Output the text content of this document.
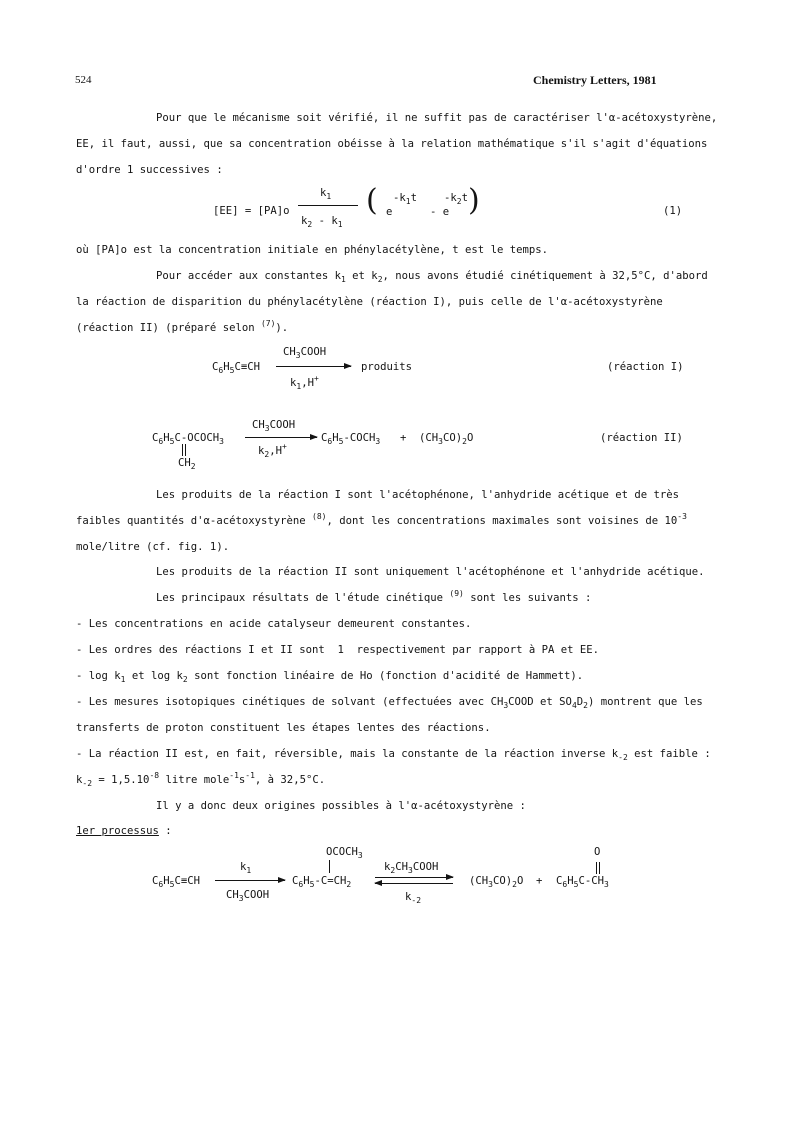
524	Chemistry Letters, 1981
Pour que le mécanisme soit vérifié, il ne suffit pas de caractériser l'α-acétoxystyrène,
EE, il faut, aussi, que sa concentration obéisse à la relation mathématique s'il s'agit d'équations
d'ordre 1 successives :
[EE] = [PA]o
$k_1$
$k_2 - k_1$
( e
$-k_1t$
- e
$-k_2t$ )	(1)
où [PA]o est la concentration initiale en phénylacétylène, t est le temps.
Pour accéder aux constantes $k_1$ et $k_2$, nous avons étudié cinétiquement à 32,5°C, d'abord
la réaction de disparition du phénylacétylène (réaction I), puis celle de l'α-acétoxystyrène
(réaction II) (préparé selon $^{(7)}$).
$C_6H_5C\equiv CH$
$CH_3COOH$
$k_1,H^+$
produits	(réaction I)
$C_6H_5C-OCOCH_3$
$CH_2$
$CH_3COOH$
$k_2,H^+$
$C_6H_5-COCH_3 + (CH_3CO)_2O$	(réaction II)
Les produits de la réaction I sont l'acétophénone, l'anhydride acétique et de très
faibles quantités d'α-acétoxystyrène $^{(8)}$, dont les concentrations maximales sont voisines de $10^{-3}$
mole/litre (cf. fig. 1).
Les produits de la réaction II sont uniquement l'acétophénone et l'anhydride acétique.
Les principaux résultats de l'étude cinétique $^{(9)}$ sont les suivants :
- Les concentrations en acide catalyseur demeurent constantes.
- Les ordres des réactions I et II sont  1  respectivement par rapport à PA et EE.
- $\log k_1$ et $\log k_2$ sont fonction linéaire de Ho (fonction d'acidité de Hammett).
- Les mesures isotopiques cinétiques de solvant (effectuées avec $CH_3COOD$ et $SO_4D_2$) montrent que les
transferts de proton constituent les étapes lentes des réactions.
- La réaction II est, en fait, réversible, mais la constante de la réaction inverse $k_{-2}$ est faible :
$k_{-2} = 1,5.10^{-8}$ litre $mole^{-1}s^{-1}$, à 32,5°C.
Il y a donc deux origines possibles à l'α-acétoxystyrène :
1er processus :
$C_6H_5C\equiv CH$
$k_1$
$CH_3COOH$
$OCOCH_3$
$C_6H_5-C=CH_2$
$k_2CH_3COOH$
$k_{-2}$
$(CH_3CO)_2O$ +
O
$C_6H_5C-CH_3$
